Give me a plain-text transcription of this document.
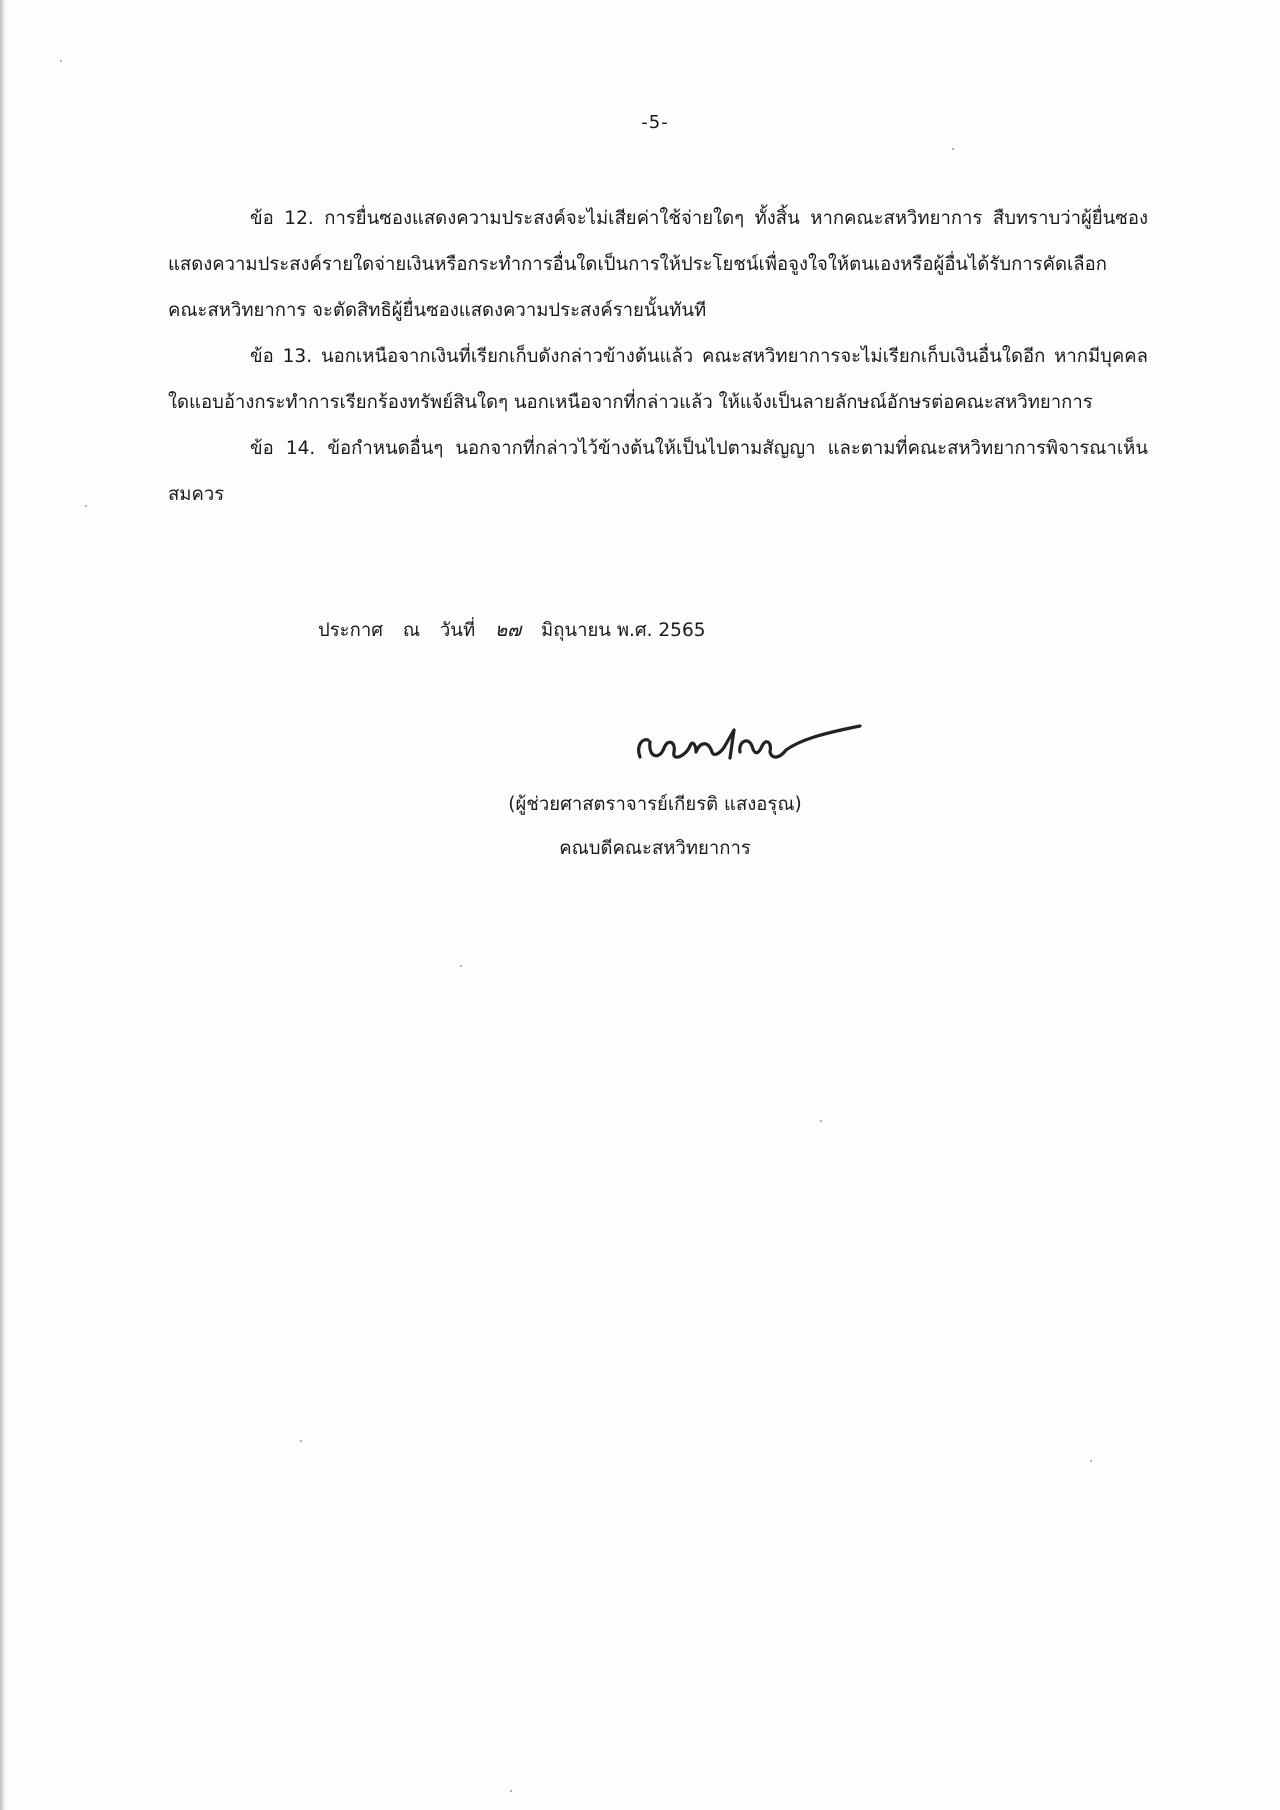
-5-

ข้อ 12. การยื่นซองแสดงความประสงค์จะไม่เสียค่าใช้จ่ายใดๆ ทั้งสิ้น หากคณะสหวิทยาการ สืบทราบว่าผู้ยื่นซองแสดงความประสงค์รายใดจ่ายเงินหรือกระทำการอื่นใดเป็นการให้ประโยชน์เพื่อจูงใจให้ตนเองหรือผู้อื่นได้รับการคัดเลือก คณะสหวิทยาการ จะตัดสิทธิผู้ยื่นซองแสดงความประสงค์รายนั้นทันที

ข้อ 13. นอกเหนือจากเงินที่เรียกเก็บดังกล่าวข้างต้นแล้ว คณะสหวิทยาการจะไม่เรียกเก็บเงินอื่นใดอีก หากมีบุคคลใดแอบอ้างกระทำการเรียกร้องทรัพย์สินใดๆ นอกเหนือจากที่กล่าวแล้ว ให้แจ้งเป็นลายลักษณ์อักษรต่อคณะสหวิทยาการ

ข้อ 14. ข้อกำหนดอื่นๆ นอกจากที่กล่าวไว้ข้างต้นให้เป็นไปตามสัญญา และตามที่คณะสหวิทยาการพิจารณาเห็นสมควร

ประกาศ ณ วันที่ ๒๗ มิถุนายน พ.ศ. 2565
(ผู้ช่วยศาสตราจารย์เกียรติ แสงอรุณ)
คณบดีคณะสหวิทยาการ
